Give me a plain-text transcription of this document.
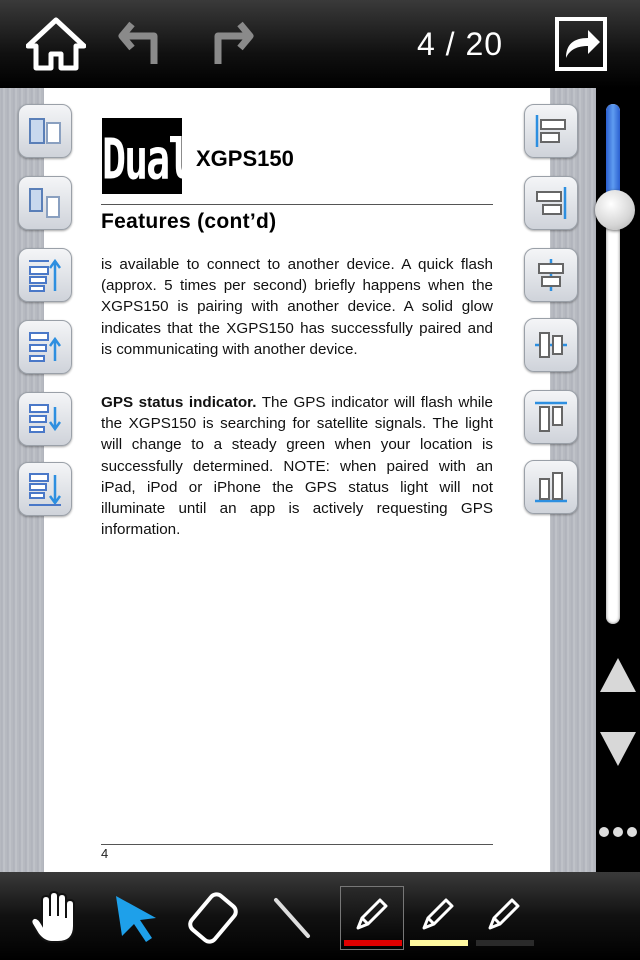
4 / 20
Dual XGPS150
Features (cont’d)
is available to connect to another device. A quick flash (approx. 5 times per second) briefly happens when the XGPS150 is pairing with another device. A solid glow indicates that the XGPS150 has successfully paired and is communicating with another device.
GPS status indicator. The GPS indicator will flash while the XGPS150 is searching for satellite signals. The light will change to a steady green when your location is successfully determined. NOTE: when paired with an iPad, iPod or iPhone the GPS status light will not illuminate until an app is actively requesting GPS information.
4
